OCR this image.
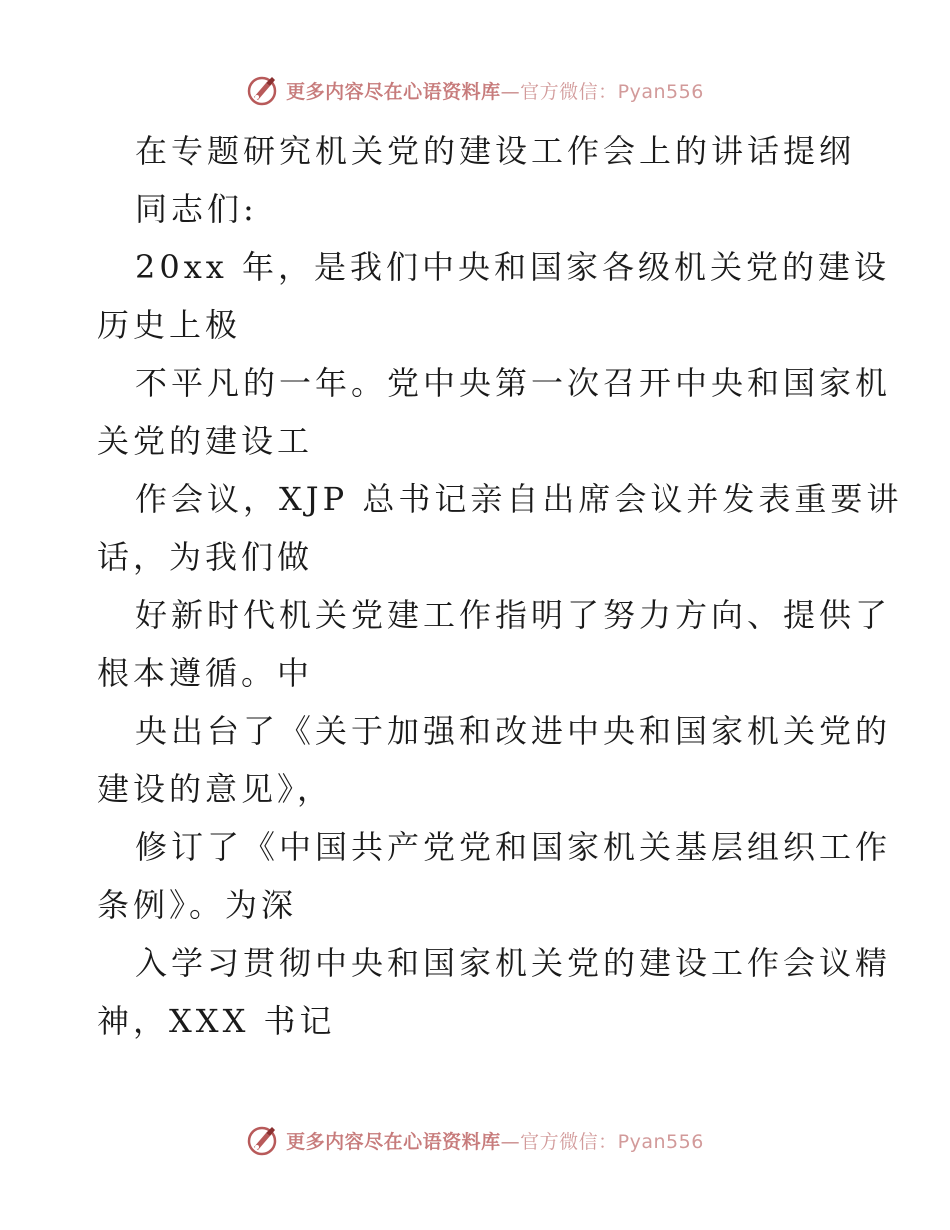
更多内容尽在心语资料库—官方微信：Pyan556
在专题研究机关党的建设工作会上的讲话提纲
同志们:
20xx 年，是我们中央和国家各级机关党的建设
历史上极
不平凡的一年。党中央第一次召开中央和国家机
关党的建设工
作会议，XJP 总书记亲自出席会议并发表重要讲
话，为我们做
好新时代机关党建工作指明了努力方向、提供了
根本遵循。中
央出台了《关于加强和改进中央和国家机关党的
建设的意见》，
修订了《中国共产党党和国家机关基层组织工作
条例》。为深
入学习贯彻中央和国家机关党的建设工作会议精
神，XXX 书记
更多内容尽在心语资料库—官方微信：Pyan556
